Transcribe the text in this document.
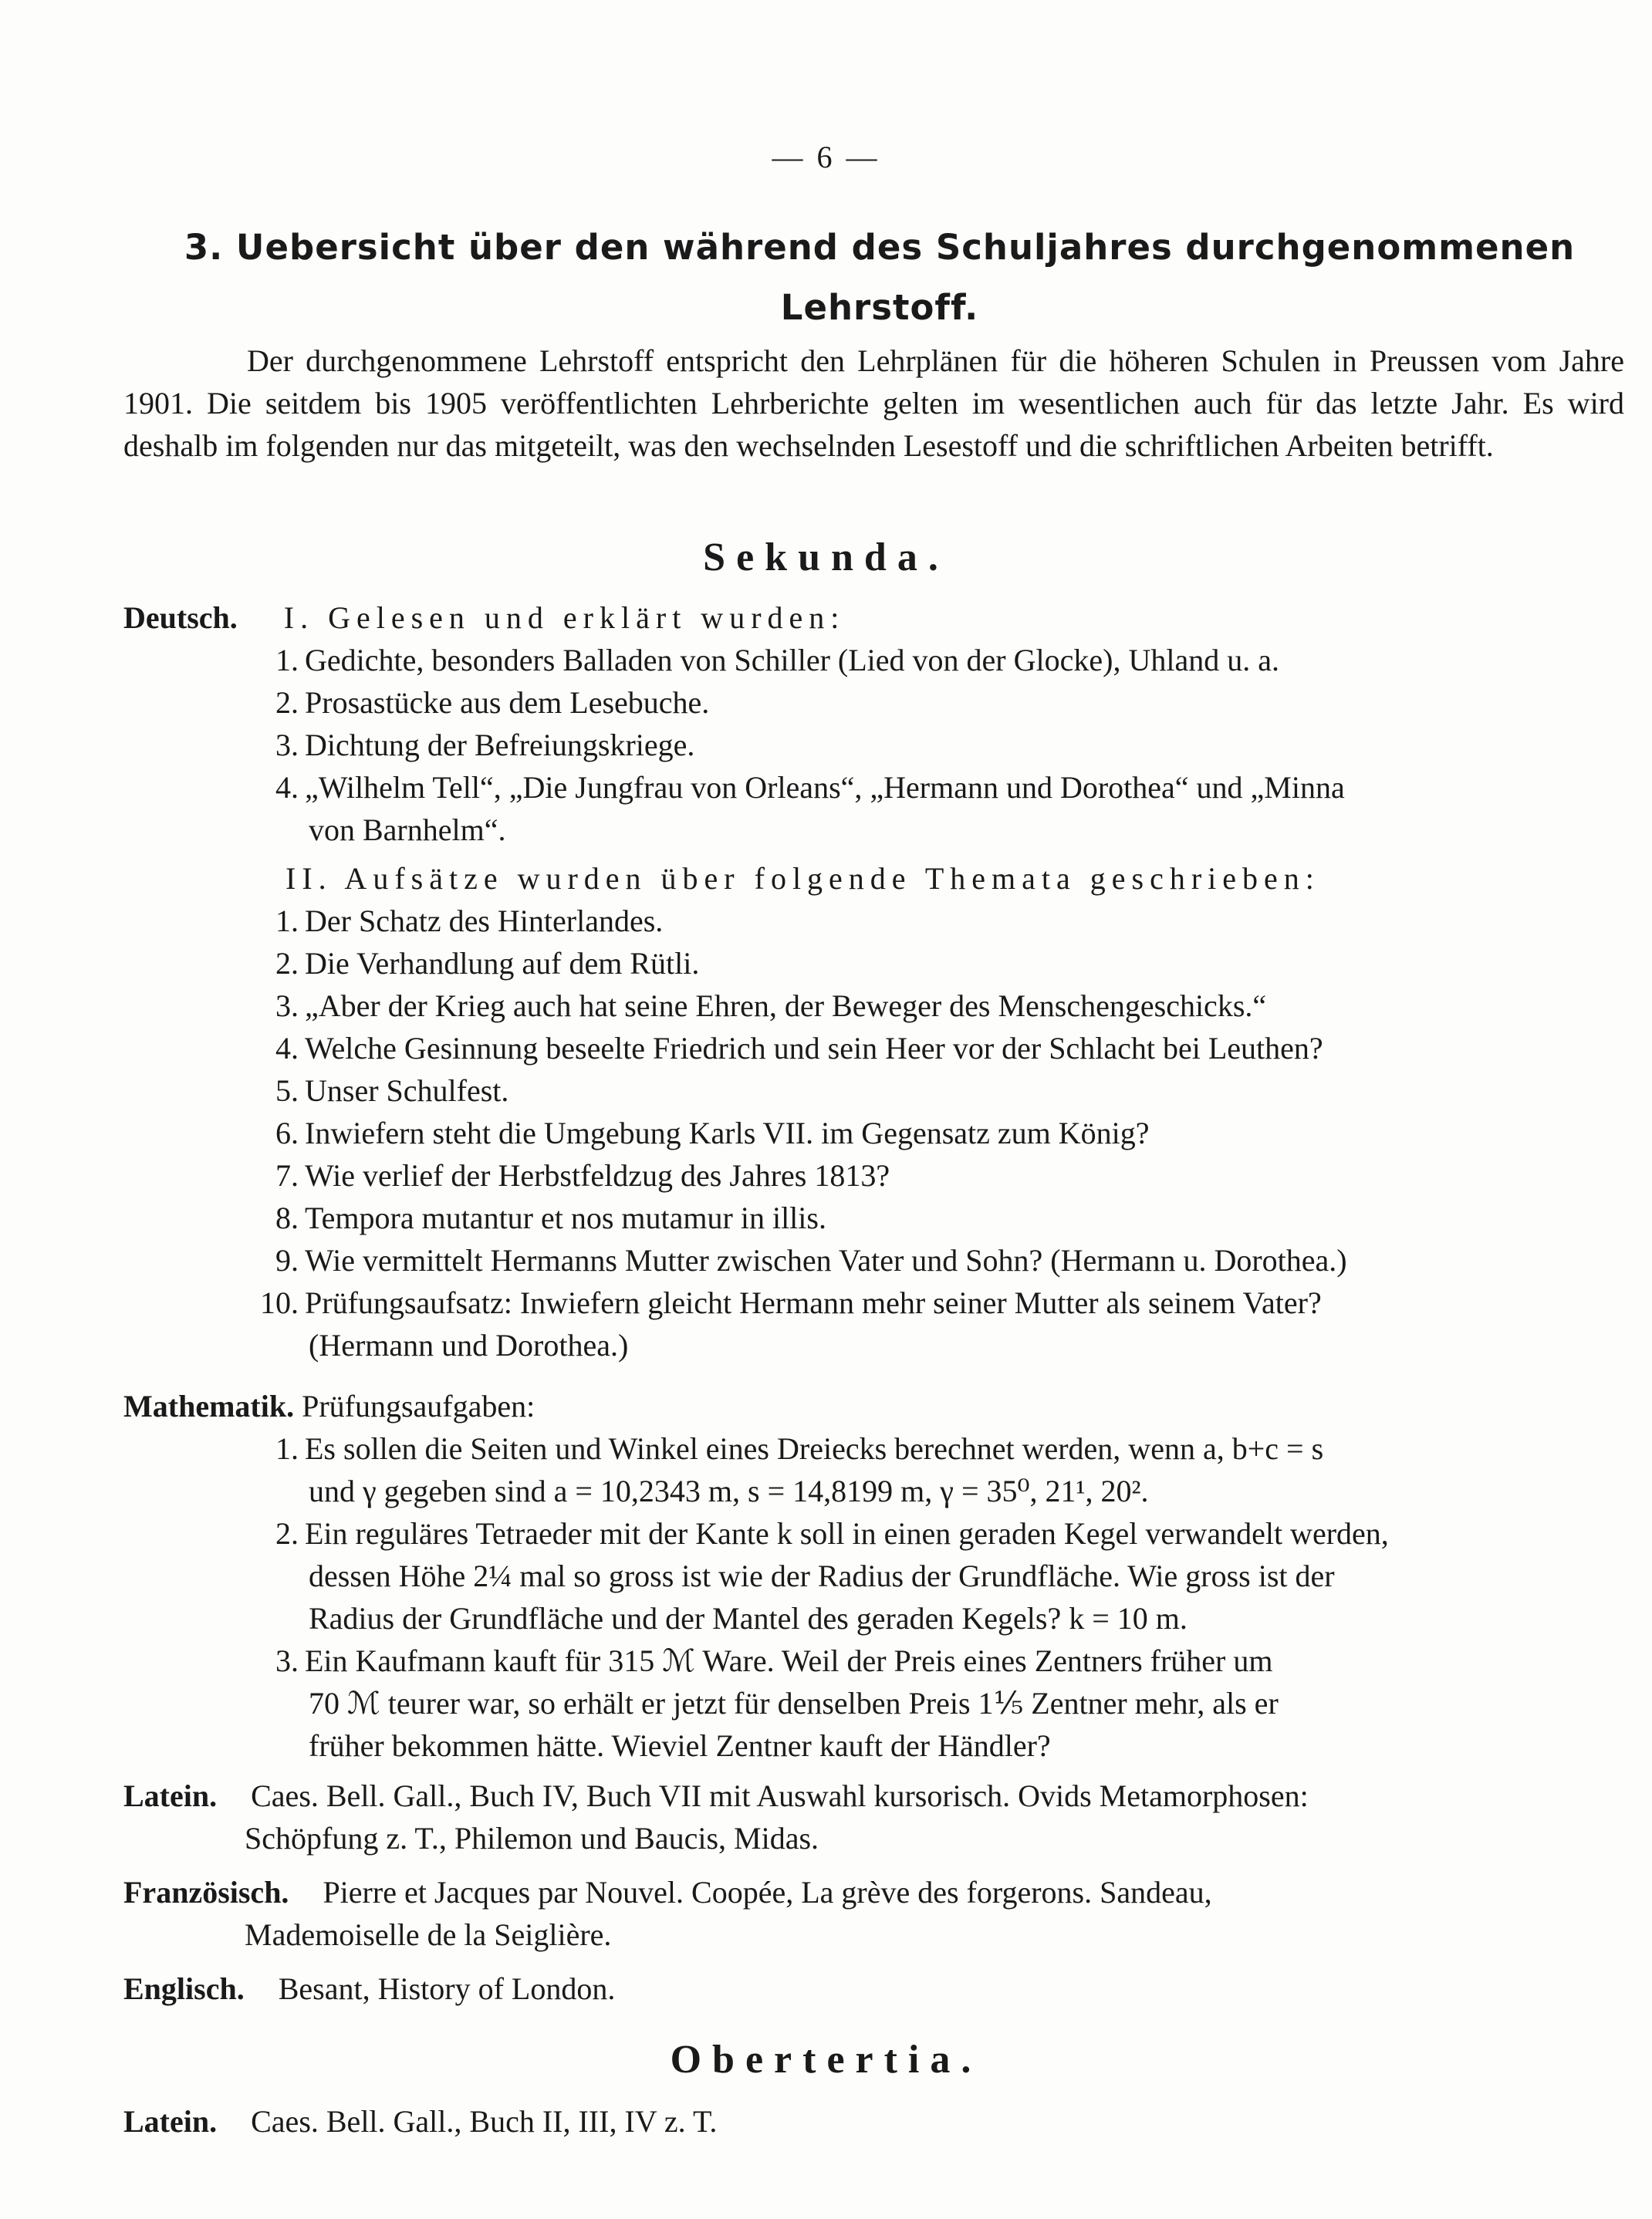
— 6 —
3. Uebersicht über den während des Schuljahres durchgenommenen
Lehrstoff.
Der durchgenommene Lehrstoff entspricht den Lehrplänen für die höheren Schulen in Preussen vom Jahre 1901. Die seitdem bis 1905 veröffentlichten Lehrberichte gelten im wesentlichen auch für das letzte Jahr. Es wird deshalb im folgenden nur das mitgeteilt, was den wechselnden Lesestoff und die schriftlichen Arbeiten betrifft.
Sekunda.
Deutsch. I. Gelesen und erklärt wurden:
1. Gedichte, besonders Balladen von Schiller (Lied von der Glocke), Uhland u. a.
2. Prosastücke aus dem Lesebuche.
3. Dichtung der Befreiungskriege.
4. „Wilhelm Tell“, „Die Jungfrau von Orleans“, „Hermann und Dorothea“ und „Minna
von Barnhelm“.
II. Aufsätze wurden über folgende Themata geschrieben:
1. Der Schatz des Hinterlandes.
2. Die Verhandlung auf dem Rütli.
3. „Aber der Krieg auch hat seine Ehren, der Beweger des Menschengeschicks.“
4. Welche Gesinnung beseelte Friedrich und sein Heer vor der Schlacht bei Leuthen?
5. Unser Schulfest.
6. Inwiefern steht die Umgebung Karls VII. im Gegensatz zum König?
7. Wie verlief der Herbstfeldzug des Jahres 1813?
8. Tempora mutantur et nos mutamur in illis.
9. Wie vermittelt Hermanns Mutter zwischen Vater und Sohn? (Hermann u. Dorothea.)
10. Prüfungsaufsatz: Inwiefern gleicht Hermann mehr seiner Mutter als seinem Vater?
(Hermann und Dorothea.)
Mathematik. Prüfungsaufgaben:
1. Es sollen die Seiten und Winkel eines Dreiecks berechnet werden, wenn a, b+c = s
und γ gegeben sind a = 10,2343 m, s = 14,8199 m, γ = 35⁰, 21¹, 20².
2. Ein reguläres Tetraeder mit der Kante k soll in einen geraden Kegel verwandelt werden,
dessen Höhe 2¼ mal so gross ist wie der Radius der Grundfläche. Wie gross ist der
Radius der Grundfläche und der Mantel des geraden Kegels? k = 10 m.
3. Ein Kaufmann kauft für 315 ℳ Ware. Weil der Preis eines Zentners früher um
70 ℳ teurer war, so erhält er jetzt für denselben Preis 1⅕ Zentner mehr, als er
früher bekommen hätte. Wieviel Zentner kauft der Händler?
Latein. Caes. Bell. Gall., Buch IV, Buch VII mit Auswahl kursorisch. Ovids Metamorphosen:
Schöpfung z. T., Philemon und Baucis, Midas.
Französisch. Pierre et Jacques par Nouvel. Coopée, La grève des forgerons. Sandeau,
Mademoiselle de la Seiglière.
Englisch. Besant, History of London.
Obertertia.
Latein. Caes. Bell. Gall., Buch II, III, IV z. T.
